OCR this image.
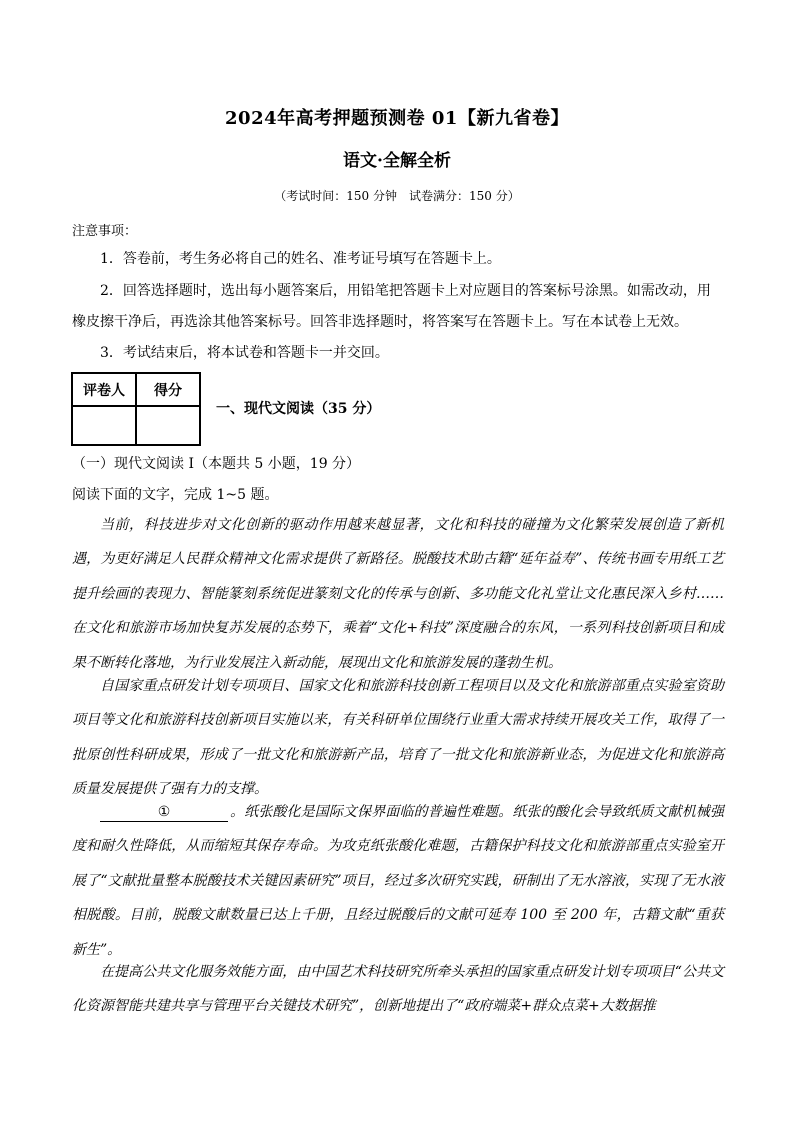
2024年高考押题预测卷 01【新九省卷】
语文·全解全析
（考试时间：150 分钟　试卷满分：150 分）
注意事项：
1．答卷前，考生务必将自己的姓名、准考证号填写在答题卡上。
2．回答选择题时，选出每小题答案后，用铅笔把答题卡上对应题目的答案标号涂黑。如需改动，用橡皮擦干净后，再选涂其他答案标号。回答非选择题时，将答案写在答题卡上。写在本试卷上无效。
3．考试结束后，将本试卷和答题卡一并交回。
评卷人	得分

一、现代文阅读（35 分）
（一）现代文阅读 I（本题共 5 小题，19 分）
阅读下面的文字，完成 1~5 题。
当前，科技进步对文化创新的驱动作用越来越显著，文化和科技的碰撞为文化繁荣发展创造了新机遇，为更好满足人民群众精神文化需求提供了新路径。脱酸技术助古籍“延年益寿”、传统书画专用纸工艺提升绘画的表现力、智能篆刻系统促进篆刻文化的传承与创新、多功能文化礼堂让文化惠民深入乡村……在文化和旅游市场加快复苏发展的态势下，乘着“文化+科技”深度融合的东风，一系列科技创新项目和成果不断转化落地，为行业发展注入新动能，展现出文化和旅游发展的蓬勃生机。
自国家重点研发计划专项项目、国家文化和旅游科技创新工程项目以及文化和旅游部重点实验室资助项目等文化和旅游科技创新项目实施以来，有关科研单位围绕行业重大需求持续开展攻关工作，取得了一批原创性科研成果，形成了一批文化和旅游新产品，培育了一批文化和旅游新业态，为促进文化和旅游高质量发展提供了强有力的支撑。
①	。纸张酸化是国际文保界面临的普遍性难题。纸张的酸化会导致纸质文献机械强度和耐久性降低，从而缩短其保存寿命。为攻克纸张酸化难题，古籍保护科技文化和旅游部重点实验室开展了“文献批量整本脱酸技术关键因素研究”项目，经过多次研究实践，研制出了无水溶液，实现了无水液相脱酸。目前，脱酸文献数量已达上千册，且经过脱酸后的文献可延寿 100 至 200 年，古籍文献“重获新生”。
在提高公共文化服务效能方面，由中国艺术科技研究所牵头承担的国家重点研发计划专项项目“公共文化资源智能共建共享与管理平台关键技术研究”，创新地提出了“政府端菜+群众点菜+大数据推
